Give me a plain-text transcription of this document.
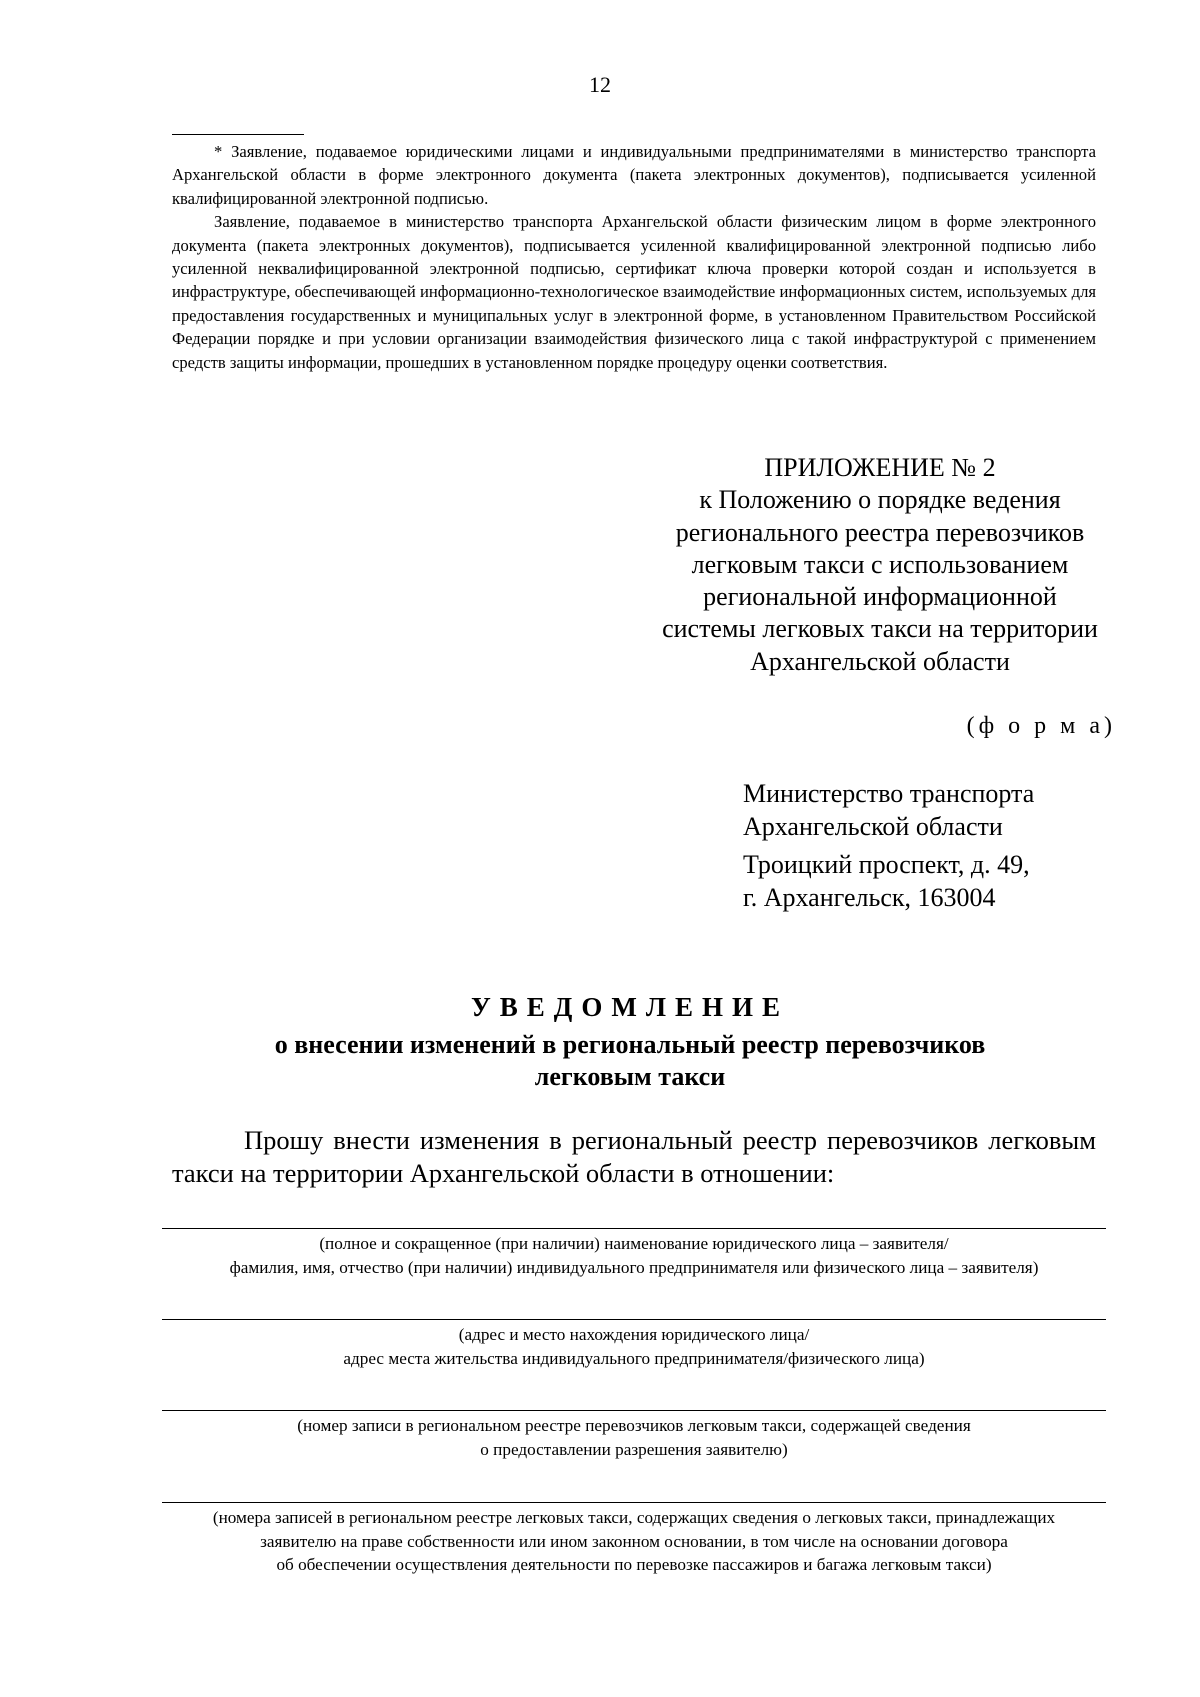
12

* Заявление, подаваемое юридическими лицами и индивидуальными предпринимателями в министерство транспорта Архангельской области в форме электронного документа (пакета электронных документов), подписывается усиленной квалифицированной электронной подписью.

Заявление, подаваемое в министерство транспорта Архангельской области физическим лицом в форме электронного документа (пакета электронных документов), подписывается усиленной квалифицированной электронной подписью либо усиленной неквалифицированной электронной подписью, сертификат ключа проверки которой создан и используется в инфраструктуре, обеспечивающей информационно-технологическое взаимодействие информационных систем, используемых для предоставления государственных и муниципальных услуг в электронной форме, в установленном Правительством Российской Федерации порядке и при условии организации взаимодействия физического лица с такой инфраструктурой с применением средств защиты информации, прошедших в установленном порядке процедуру оценки соответствия.

ПРИЛОЖЕНИЕ № 2
к Положению о порядке ведения
регионального реестра перевозчиков
легковым такси с использованием
региональной информационной
системы легковых такси на территории
Архангельской области
(ф о р м а)
Министерство транспорта
Архангельской области
Троицкий проспект, д. 49,
г. Архангельск, 163004
УВЕДОМЛЕНИЕ
о внесении изменений в региональный реестр перевозчиков
легковым такси
Прошу внести изменения в региональный реестр перевозчиков легковым такси на территории Архангельской области в отношении:
(полное и сокращенное (при наличии) наименование юридического лица – заявителя/
фамилия, имя, отчество (при наличии) индивидуального предпринимателя или физического лица – заявителя)
(адрес и место нахождения юридического лица/
адрес места жительства индивидуального предпринимателя/физического лица)
(номер записи в региональном реестре перевозчиков легковым такси, содержащей сведения
о предоставлении разрешения заявителю)
(номера записей в региональном реестре легковых такси, содержащих сведения о легковых такси, принадлежащих
заявителю на праве собственности или ином законном основании, в том числе на основании договора
об обеспечении осуществления деятельности по перевозке пассажиров и багажа легковым такси)
